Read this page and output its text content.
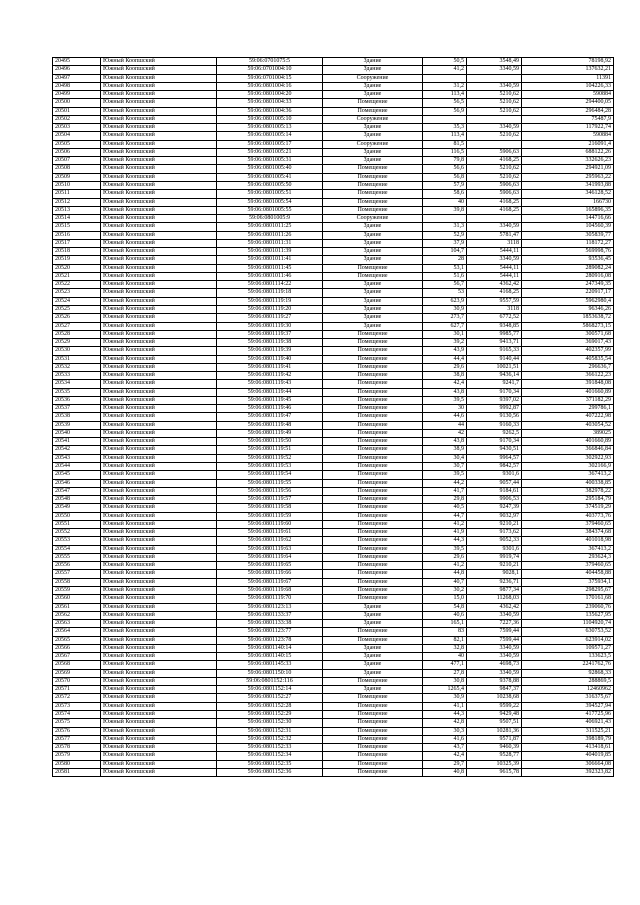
20495	Южный Коопшский	59:06:0701075:5	Здание	50,5	3548,49	78198,92
20496	Южный Коопшский	59:06:0701004:10	Здание	41,2	3340,59	137632,21
20497	Южный Коопшский	59:06:0701004:15	Сооружение			11391
20498	Южный Коопшский	59:06:0801004:16	Здание	31,2	3340,59	104226,33
20499	Южный Коопшский	59:06:0801004:20	Здание	113,4	5210,62	590884
20500	Южный Коопшский	59:06:0801004:33	Помещение	56,5	5210,62	294400,05
20501	Южный Коопшский	59:06:0801004:36	Помещение	56,9	5210,62	296484,28
20502	Южный Коопшский	59:06:0801005:10	Сооружение			75487,9
20503	Южный Коопшский	59:06:0801005:13	Здание	35,3	3340,59	117922,74
20504	Южный Коопшский	59:06:0801005:14	Здание	113,4	5210,62	590884
20505	Южный Коопшский	59:06:0801005:17	Сооружение	81,5		216091,4
20506	Южный Коопшский	59:06:0801005:21	Здание	116,5	5906,63	688122,26
20507	Южный Коопшский	59:06:0801005:31	Здание	79,8	4168,25	332626,23
20508	Южный Коопшский	59:06:0801005:40	Помещение	56,6	5210,62	294921,09
20509	Южный Коопшский	59:06:0801005:41	Помещение	56,8	5210,62	295963,22
20510	Южный Коопшский	59:06:0801005:50	Помещение	57,9	5906,63	341993,88
20511	Южный Коопшский	59:06:0801005:51	Помещение	58,6	5906,63	346128,52
20512	Южный Коопшский	59:06:0801005:54	Помещение	40	4168,25	166730
20513	Южный Коопшский	59:06:0801005:55	Помещение	39,8	4168,25	165896,35
20514	Южный Коопшский	59:06:0801005:9	Сооружение			144716,66
20515	Южный Коопшский	59:06:0801011:25	Здание	31,3	3340,59	104560,39
20516	Южный Коопшский	59:06:0801011:26	Здание	52,9	5781,47	305839,77
20517	Южный Коопшский	59:06:0801011:31	Здание	37,9	3118	118172,27
20518	Южный Коопшский	59:06:0801011:39	Здание	104,7	5444,11	569998,76
20519	Южный Коопшский	59:06:0801011:41	Здание	28	3340,59	93536,45
20520	Южный Коопшский	59:06:0801011:45	Помещение	53,1	5444,11	289082,24
20521	Южный Коопшский	59:06:0801011:46	Помещение	51,6	5444,11	280916,08
20522	Южный Коопшский	59:06:0801114:22	Здание	56,7	4362,42	247349,35
20523	Южный Коопшский	59:06:0801119:18	Здание	53	4168,25	220917,17
20524	Южный Коопшский	59:06:0801119:19	Здание	623,9	9557,59	5962980,4
20525	Южный Коопшский	59:06:0801119:20	Здание	30,9	3118	96346,26
20526	Южный Коопшский	59:06:0801119:27	Здание	273,7	6772,52	1853638,72
20527	Южный Коопшский	59:06:0801119:30	Здание	627,7	9348,85	5868273,15
20528	Южный Коопшский	59:06:0801119:37	Помещение	30,1	9985,77	300571,68
20529	Южный Коопшский	59:06:0801119:38	Помещение	39,2	9413,71	369017,43
20530	Южный Коопшский	59:06:0801119:39	Помещение	43,9	9165,33	402357,99
20531	Южный Коопшский	59:06:0801119:40	Помещение	44,4	9140,44	405835,54
20532	Южный Коопшский	59:06:0801119:41	Помещение	29,6	10021,51	296636,7
20533	Южный Коопшский	59:06:0801119:42	Помещение	38,8	9436,14	366122,23
20534	Южный Коопшский	59:06:0801119:43	Помещение	42,4	9241,7	391848,08
20535	Южный Коопшский	59:06:0801119:44	Помещение	43,8	9170,34	401660,89
20536	Южный Коопшский	59:06:0801119:45	Помещение	39,5	9397,02	371182,29
20537	Южный Коопшский	59:06:0801119:46	Помещение	30	9992,87	299786,1
20538	Южный Коопшский	59:06:0801119:47	Помещение	44,6	9130,56	407222,98
20539	Южный Коопшский	59:06:0801119:48	Помещение	44	9160,33	403054,52
20540	Южный Коопшский	59:06:0801119:49	Помещение	42	9262,5	389025
20541	Южный Коопшский	59:06:0801119:50	Помещение	43,8	9170,34	401660,89
20542	Южный Коопшский	59:06:0801119:51	Помещение	38,9	9430,51	366846,84
20543	Южный Коопшский	59:06:0801119:52	Помещение	30,4	9964,57	302922,93
20544	Южный Коопшский	59:06:0801119:53	Помещение	30,7	9842,57	302166,9
20545	Южный Коопшский	59:06:0801119:54	Помещение	39,5	9301,6	367413,2
20546	Южный Коопшский	59:06:0801119:55	Помещение	44,2	9057,44	400338,85
20547	Южный Коопшский	59:06:0801119:56	Помещение	41,7	9184,61	382978,22
20548	Южный Коопшский	59:06:0801119:57	Помещение	29,8	9906,53	295184,79
20549	Южный Коопшский	59:06:0801119:58	Помещение	40,5	9247,39	374519,29
20550	Южный Коопшский	59:06:0801119:59	Помещение	44,7	9032,97	403773,76
20551	Южный Коопшский	59:06:0801119:60	Помещение	41,2	9210,21	379460,65
20552	Южный Коопшский	59:06:0801119:61	Помещение	41,9	9173,62	384374,68
20553	Южный Коопшский	59:06:0801119:62	Помещение	44,3	9052,33	401018,98
20554	Южный Коопшский	59:06:0801119:63	Помещение	39,5	9301,6	367413,2
20555	Южный Коопшский	59:06:0801119:64	Помещение	29,6	9919,74	293624,3
20556	Южный Коопшский	59:06:0801119:65	Помещение	41,2	9210,21	379460,65
20557	Южный Коопшский	59:06:0801119:66	Помещение	44,8	9028,1	404458,88
20558	Южный Коопшский	59:06:0801119:67	Помещение	40,7	9236,71	375934,1
20559	Южный Коопшский	59:06:0801119:68	Помещение	30,2	9877,34	298295,67
20560	Южный Коопшский	59:06:0801119:70	Помещение	15,0	11268,03	170161,68
20561	Южный Коопшский	59:06:0801123:13	Здание	54,8	4362,42	239060,76
20562	Южный Коопшский	59:06:0801133:37	Здание	40,6	3340,59	135627,95
20563	Южный Коопшский	59:06:0801133:38	Здание	165,1	7227,36	1104920,74
20564	Южный Коопшский	59:06:0801123:77	Помещение	83	7599,44	630753,52
20565	Южный Коопшский	59:06:0801123:78	Помещение	82,1	7599,44	623914,02
20566	Южный Коопшский	59:06:0801140:14	Здание	32,8	3340,59	109571,27
20567	Южный Коопшский	59:06:0801140:15	Здание	40	3340,59	133623,5
20568	Южный Коопшский	59:06:0801145:33	Здание	477,1	4698,73	2241762,76
20569	Южный Коопшский	59:06:0801150:10	Здание	27,8	3340,59	92868,33
20570	Южный Коопшский	59:06:0801152:116	Помещение	30,8	9378,88	288869,5
20571	Южный Коопшский	59:06:0801152:14	Здание	1265,4	9847,37	12460962
20572	Южный Коопшский	59:06:0801152:27	Помещение	30,9	10238,68	316375,67
20573	Южный Коопшский	59:06:0801152:28	Помещение	41,1	9599,22	394527,94
20574	Южный Коопшский	59:06:0801152:29	Помещение	44,3	9429,48	417725,96
20575	Южный Коопшский	59:06:0801152:30	Помещение	42,8	9507,51	406921,43
20576	Южный Коопшский	59:06:0801152:31	Помещение	30,3	10281,36	311525,21
20577	Южный Коопшский	59:06:0801152:32	Помещение	41,6	9571,87	398189,79
20578	Южный Коопшский	59:06:0801152:33	Помещение	43,7	9460,39	413418,61
20579	Южный Коопшский	59:06:0801152:34	Помещение	42,4	9528,77	404019,85
20580	Южный Коопшский	59:06:0801152:35	Помещение	29,7	10325,39	306664,08
20581	Южный Коопшский	59:06:0801152:36	Помещение	40,8	9615,78	392323,82
